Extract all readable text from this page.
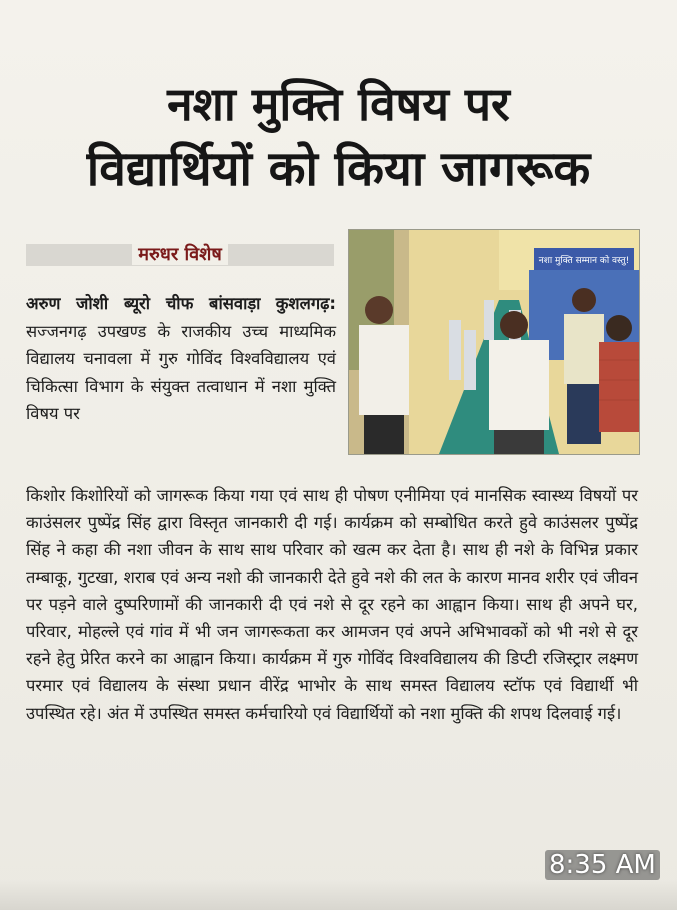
नशा मुक्ति विषय पर
विद्यार्थियों को किया जागरूक
मरुधर विशेष	नशा मुक्ति सम्मान को वस्तु!
अरुण जोशी ब्यूरो चीफ बांसवाड़ा कुशलगढ़: सज्जनगढ़ उपखण्ड के राजकीय उच्च माध्यमिक विद्यालय चनावला में गुरु गोविंद विश्वविद्यालय एवं चिकित्सा विभाग के संयुक्त तत्वाधान में नशा मुक्ति विषय पर
किशोर किशोरियों को जागरूक किया गया एवं साथ ही पोषण एनीमिया एवं मानसिक स्वास्थ्य विषयों पर काउंसलर पुष्पेंद्र सिंह द्वारा विस्तृत जानकारी दी गई। कार्यक्रम को सम्बोधित करते हुवे काउंसलर पुष्पेंद्र सिंह ने कहा की नशा जीवन के साथ साथ परिवार को खत्म कर देता है। साथ ही नशे के विभिन्न प्रकार तम्बाकू, गुटखा, शराब एवं अन्य नशो की जानकारी देते हुवे नशे की लत के कारण मानव शरीर एवं जीवन पर पड़ने वाले दुष्परिणामों की जानकारी दी एवं नशे से दूर रहने का आह्वान किया। साथ ही अपने घर, परिवार, मोहल्ले एवं गांव में भी जन जागरूकता कर आमजन एवं अपने अभिभावकों को भी नशे से दूर रहने हेतु प्रेरित करने का आह्वान किया। कार्यक्रम में गुरु गोविंद विश्वविद्यालय की डिप्टी रजिस्ट्रार लक्ष्मण परमार एवं विद्यालय के संस्था प्रधान वीरेंद्र भाभोर के साथ समस्त विद्यालय स्टॉफ एवं विद्यार्थी भी उपस्थित रहे। अंत में उपस्थित समस्त कर्मचारियो एवं विद्यार्थियों को नशा मुक्ति की शपथ दिलवाई गई।
8:35 AM
